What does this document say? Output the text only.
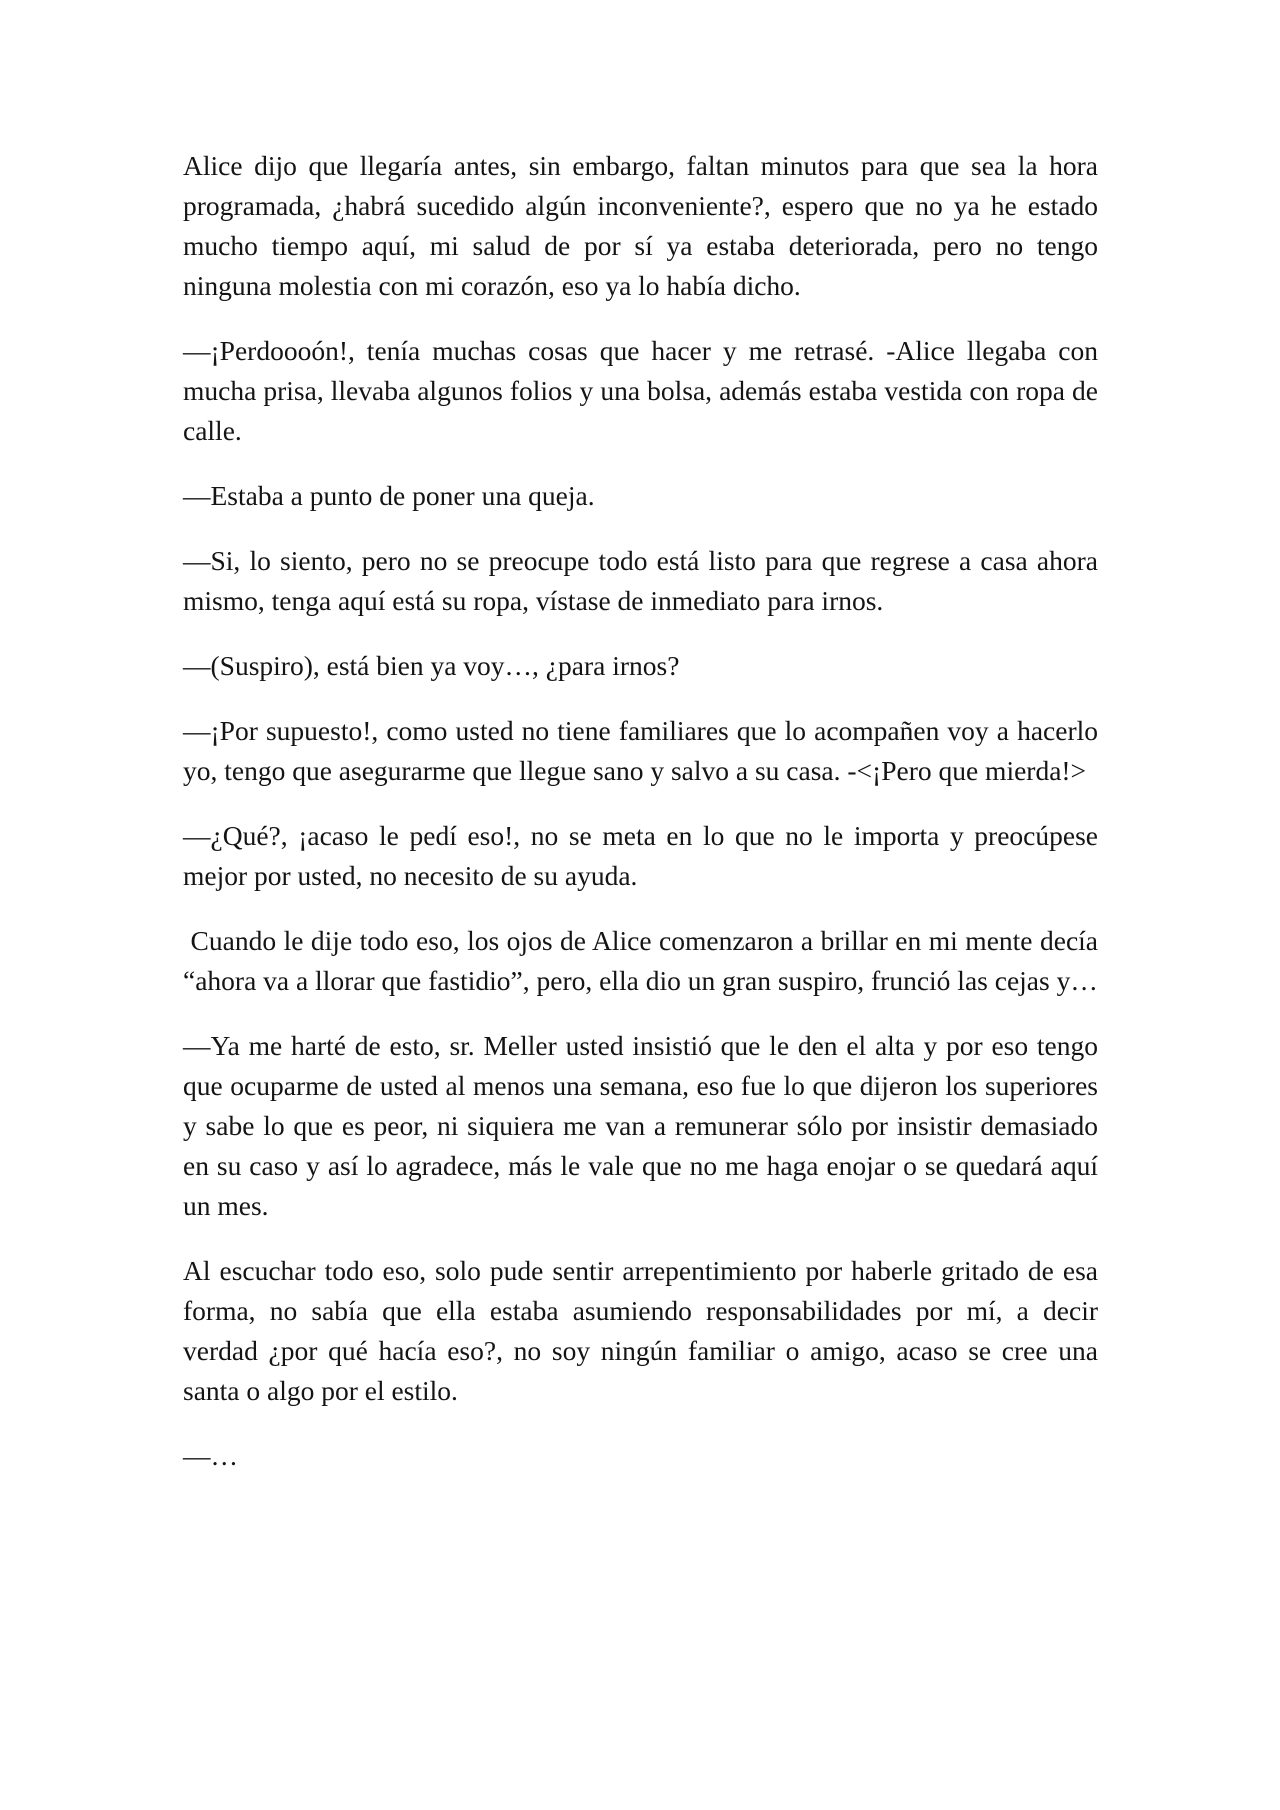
Alice dijo que llegaría antes, sin embargo, faltan minutos para que sea la hora programada, ¿habrá sucedido algún inconveniente?, espero que no ya he estado mucho tiempo aquí, mi salud de por sí ya estaba deteriorada, pero no tengo ninguna molestia con mi corazón, eso ya lo había dicho.

—¡Perdoooón!, tenía muchas cosas que hacer y me retrasé. -Alice llegaba con mucha prisa, llevaba algunos folios y una bolsa, además estaba vestida con ropa de calle.

—Estaba a punto de poner una queja.

—Si, lo siento, pero no se preocupe todo está listo para que regrese a casa ahora mismo, tenga aquí está su ropa, vístase de inmediato para irnos.

—(Suspiro), está bien ya voy…, ¿para irnos?

—¡Por supuesto!, como usted no tiene familiares que lo acompañen voy a hacerlo yo, tengo que asegurarme que llegue sano y salvo a su casa. -<¡Pero que mierda!>

—¿Qué?, ¡acaso le pedí eso!, no se meta en lo que no le importa y preocúpese mejor por usted, no necesito de su ayuda.

Cuando le dije todo eso, los ojos de Alice comenzaron a brillar en mi mente decía “ahora va a llorar que fastidio”, pero, ella dio un gran suspiro, frunció las cejas y…

—Ya me harté de esto, sr. Meller usted insistió que le den el alta y por eso tengo que ocuparme de usted al menos una semana, eso fue lo que dijeron los superiores y sabe lo que es peor, ni siquiera me van a remunerar sólo por insistir demasiado en su caso y así lo agradece, más le vale que no me haga enojar o se quedará aquí un mes.

Al escuchar todo eso, solo pude sentir arrepentimiento por haberle gritado de esa forma, no sabía que ella estaba asumiendo responsabilidades por mí, a decir verdad ¿por qué hacía eso?, no soy ningún familiar o amigo, acaso se cree una santa o algo por el estilo.

—…
